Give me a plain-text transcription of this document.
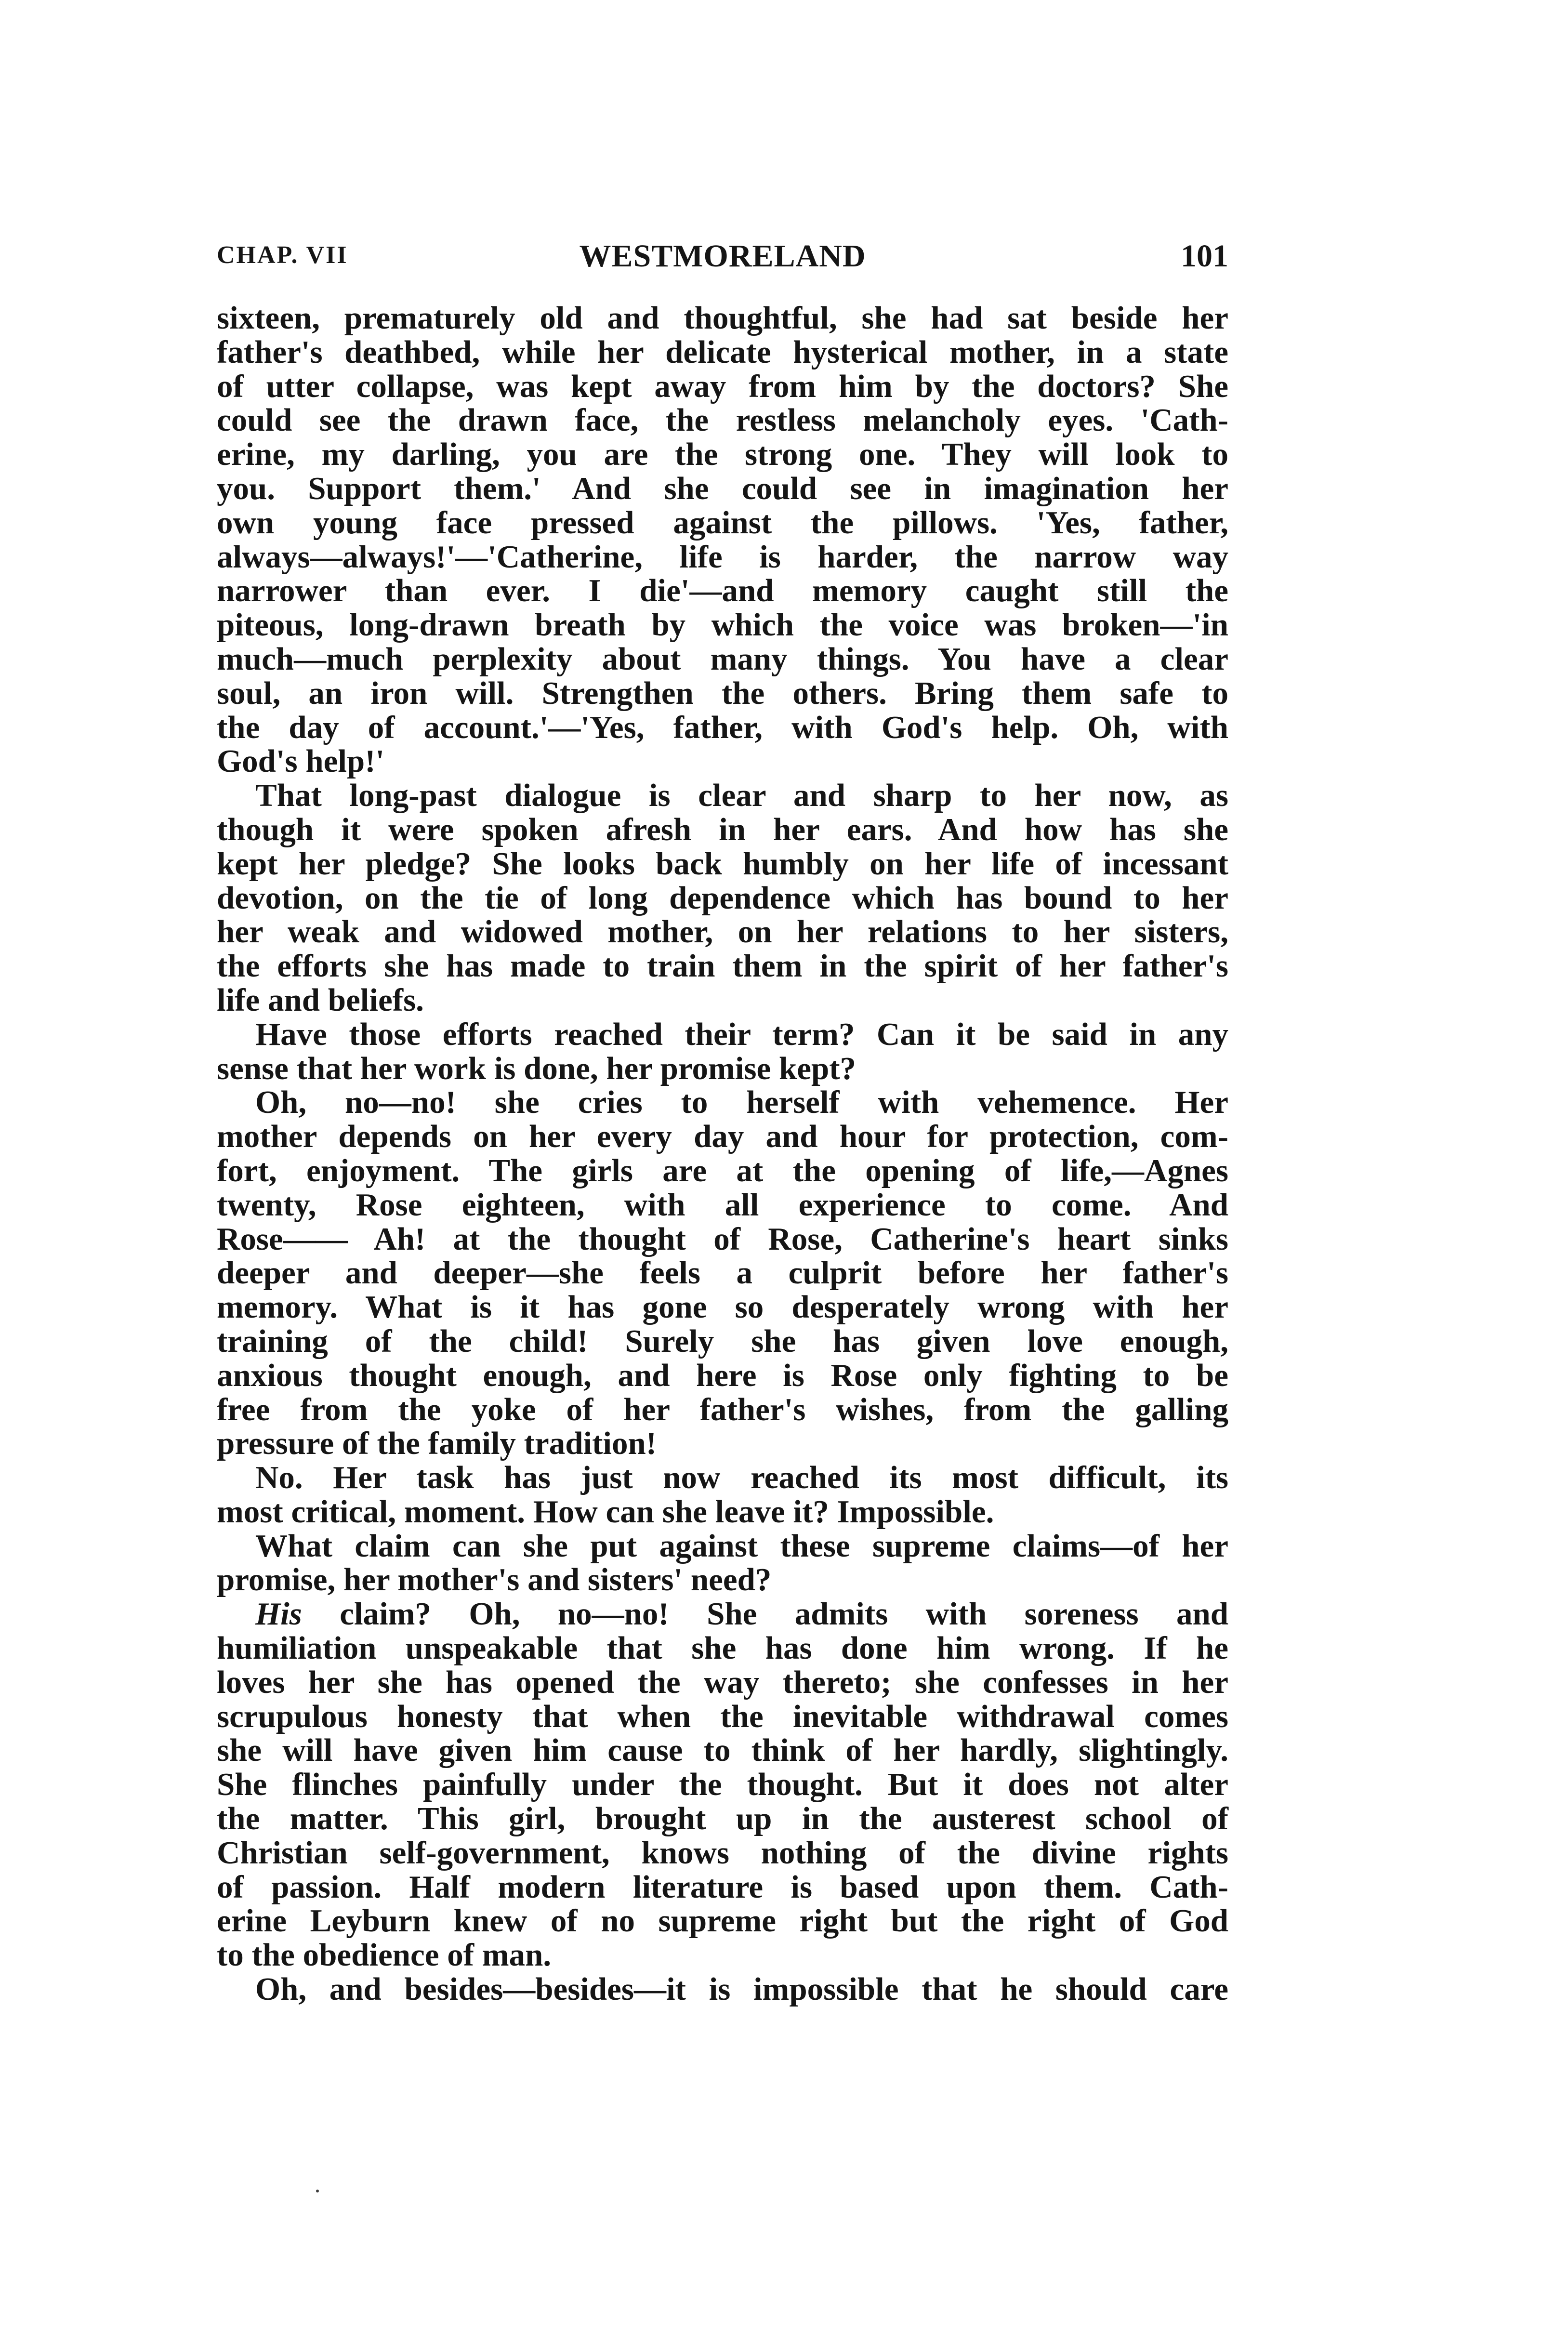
CHAP. VII	WESTMORELAND	101
sixteen, prematurely old and thoughtful, she had sat beside her
father's deathbed, while her delicate hysterical mother, in a state
of utter collapse, was kept away from him by the doctors? She
could see the drawn face, the restless melancholy eyes. 'Cath-
erine, my darling, you are the strong one. They will look to
you. Support them.' And she could see in imagination her
own young face pressed against the pillows. 'Yes, father,
always—always!'—'Catherine, life is harder, the narrow way
narrower than ever. I die'—and memory caught still the
piteous, long-drawn breath by which the voice was broken—'in
much—much perplexity about many things. You have a clear
soul, an iron will. Strengthen the others. Bring them safe to
the day of account.'—'Yes, father, with God's help. Oh, with
God's help!'
That long-past dialogue is clear and sharp to her now, as
though it were spoken afresh in her ears. And how has she
kept her pledge? She looks back humbly on her life of incessant
devotion, on the tie of long dependence which has bound to her
her weak and widowed mother, on her relations to her sisters,
the efforts she has made to train them in the spirit of her father's
life and beliefs.
Have those efforts reached their term? Can it be said in any
sense that her work is done, her promise kept?
Oh, no—no! she cries to herself with vehemence. Her
mother depends on her every day and hour for protection, com-
fort, enjoyment. The girls are at the opening of life,—Agnes
twenty, Rose eighteen, with all experience to come. And
Rose—— Ah! at the thought of Rose, Catherine's heart sinks
deeper and deeper—she feels a culprit before her father's
memory. What is it has gone so desperately wrong with her
training of the child! Surely she has given love enough,
anxious thought enough, and here is Rose only fighting to be
free from the yoke of her father's wishes, from the galling
pressure of the family tradition!
No. Her task has just now reached its most difficult, its
most critical, moment. How can she leave it? Impossible.
What claim can she put against these supreme claims—of her
promise, her mother's and sisters' need?
His claim? Oh, no—no! She admits with soreness and
humiliation unspeakable that she has done him wrong. If he
loves her she has opened the way thereto; she confesses in her
scrupulous honesty that when the inevitable withdrawal comes
she will have given him cause to think of her hardly, slightingly.
She flinches painfully under the thought. But it does not alter
the matter. This girl, brought up in the austerest school of
Christian self-government, knows nothing of the divine rights
of passion. Half modern literature is based upon them. Cath-
erine Leyburn knew of no supreme right but the right of God
to the obedience of man.
Oh, and besides—besides—it is impossible that he should care
